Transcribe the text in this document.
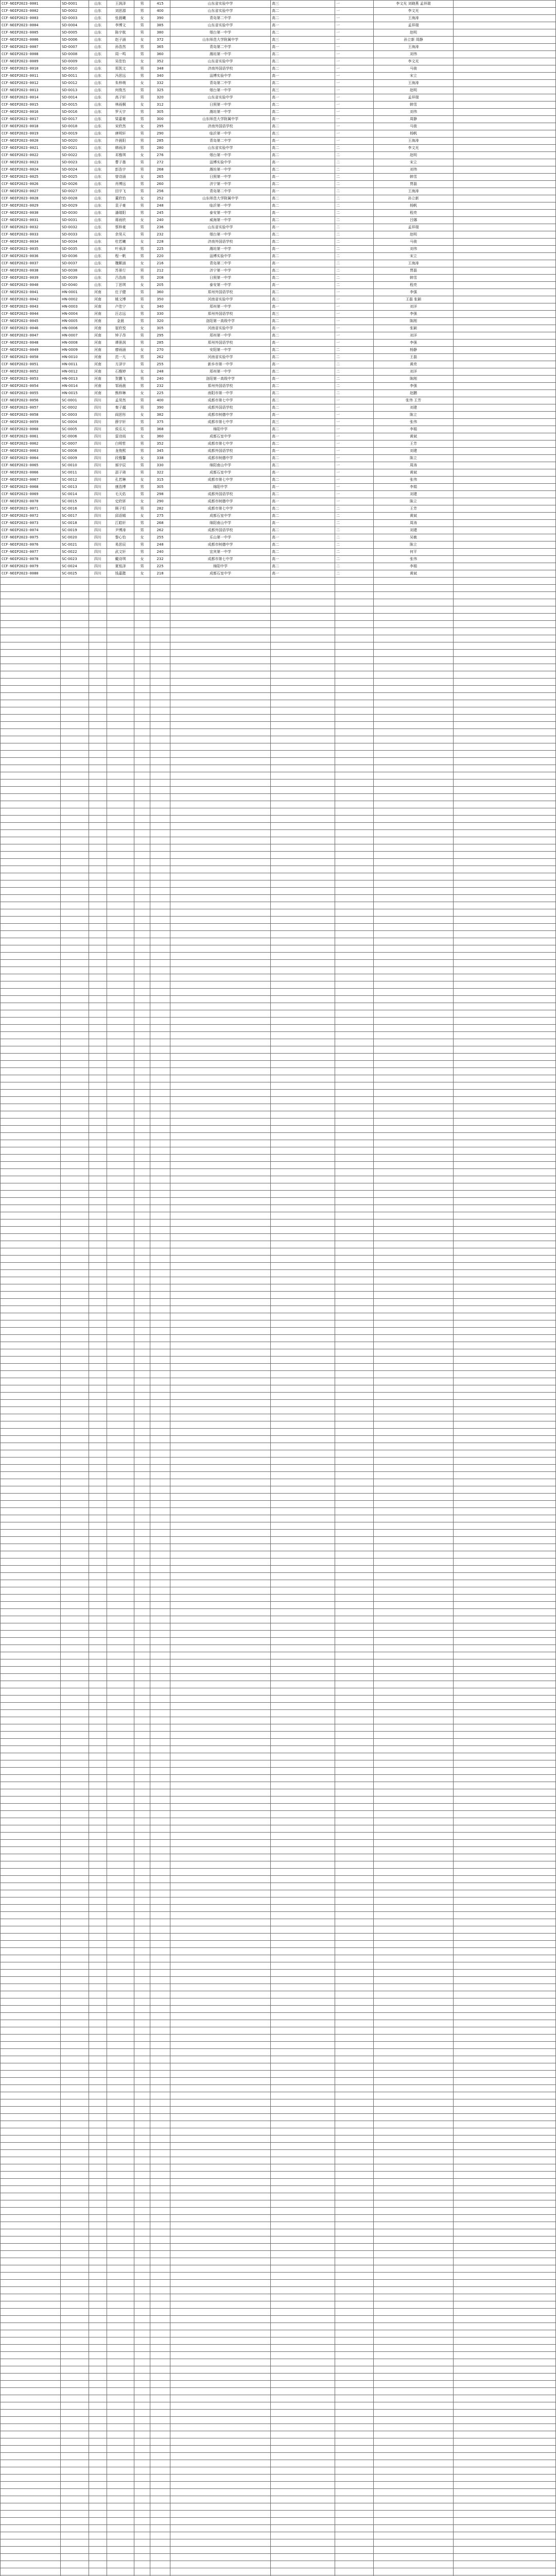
CCF-NOIP2023-0001	SD-0001	山东	王润泽	男	415	山东省实验中学	高三	一	李文光 刘晓燕 孟祥瑞	
CCF-NOIP2023-0002	SD-0002	山东	刘思源	男	400	山东省实验中学	高二	一	李文光	
CCF-NOIP2023-0003	SD-0003	山东	张晨曦	女	390	青岛第二中学	高二	一	王海涛	
CCF-NOIP2023-0004	SD-0004	山东	李博文	男	385	山东省实验中学	高一	一	孟祥瑞	
CCF-NOIP2023-0005	SD-0005	山东	陈宇航	男	380	烟台第一中学	高二	一	赵明	
CCF-NOIP2023-0006	SD-0006	山东	赵子涵	女	372	山东师范大学附属中学	高三	一	孙立新 周静	
CCF-NOIP2023-0007	SD-0007	山东	孙浩然	男	365	青岛第二中学	高一	一	王海涛	
CCF-NOIP2023-0008	SD-0008	山东	周一鸣	男	360	潍坊第一中学	高二	一	刘伟	
CCF-NOIP2023-0009	SD-0009	山东	吴佳怡	女	352	山东省实验中学	高二	一	李文光	
CCF-NOIP2023-0010	SD-0010	山东	郑凯文	男	348	济南外国语学校	高二	一	马骏	
CCF-NOIP2023-0011	SD-0011	山东	冯思远	男	340	淄博实验中学	高一	一	宋立	
CCF-NOIP2023-0012	SD-0012	山东	朱梓萌	女	332	青岛第二中学	高二	一	王海涛	
CCF-NOIP2023-0013	SD-0013	山东	何俊杰	男	325	烟台第一中学	高三	一	赵明	
CCF-NOIP2023-0014	SD-0014	山东	高子轩	男	320	山东省实验中学	高一	一	孟祥瑞	
CCF-NOIP2023-0015	SD-0015	山东	林雨桐	女	312	日照第一中学	高二	一	韩雪	
CCF-NOIP2023-0016	SD-0016	山东	罗天宇	男	305	潍坊第一中学	高二	一	刘伟	
CCF-NOIP2023-0017	SD-0017	山东	梁嘉豪	男	300	山东师范大学附属中学	高一	一	周静	
CCF-NOIP2023-0018	SD-0018	山东	宋欣然	女	295	济南外国语学校	高二	一	马骏	
CCF-NOIP2023-0019	SD-0019	山东	唐明轩	男	290	临沂第一中学	高三	一	杨帆	
CCF-NOIP2023-0020	SD-0020	山东	许晨阳	男	285	青岛第二中学	高一	一	王海涛	
CCF-NOIP2023-0021	SD-0021	山东	韩雨泽	男	280	山东省实验中学	高二	二	李文光	
CCF-NOIP2023-0022	SD-0022	山东	邓雅琪	女	276	烟台第一中学	高二	二	赵明	
CCF-NOIP2023-0023	SD-0023	山东	曹子墨	男	272	淄博实验中学	高一	二	宋立	
CCF-NOIP2023-0024	SD-0024	山东	彭浩宇	男	268	潍坊第一中学	高二	二	刘伟	
CCF-NOIP2023-0025	SD-0025	山东	曾诗涵	女	265	日照第一中学	高一	二	韩雪	
CCF-NOIP2023-0026	SD-0026	山东	肖博远	男	260	济宁第一中学	高二	二	贾磊	
CCF-NOIP2023-0027	SD-0027	山东	田宇飞	男	256	青岛第二中学	高一	二	王海涛	
CCF-NOIP2023-0028	SD-0028	山东	董欣怡	女	252	山东师范大学附属中学	高二	二	孙立新	
CCF-NOIP2023-0029	SD-0029	山东	袁子豪	男	248	临沂第一中学	高二	二	杨帆	
CCF-NOIP2023-0030	SD-0030	山东	潘瑞阳	男	245	泰安第一中学	高一	二	程亮	
CCF-NOIP2023-0031	SD-0031	山东	蒋雨欣	女	240	威海第一中学	高二	二	吕娜	
CCF-NOIP2023-0032	SD-0032	山东	蔡梓豪	男	236	山东省实验中学	高一	二	孟祥瑞	
CCF-NOIP2023-0033	SD-0033	山东	余昊天	男	232	烟台第一中学	高二	二	赵明	
CCF-NOIP2023-0034	SD-0034	山东	杜若曦	女	228	济南外国语学校	高二	二	马骏	
CCF-NOIP2023-0035	SD-0035	山东	叶承泽	男	225	潍坊第一中学	高一	二	刘伟	
CCF-NOIP2023-0036	SD-0036	山东	程一帆	男	220	淄博实验中学	高二	二	宋立	
CCF-NOIP2023-0037	SD-0037	山东	魏紫涵	女	216	青岛第二中学	高一	二	王海涛	
CCF-NOIP2023-0038	SD-0038	山东	苏景行	男	212	济宁第一中学	高二	二	贾磊	
CCF-NOIP2023-0039	SD-0039	山东	吕浩南	男	208	日照第一中学	高二	二	韩雪	
CCF-NOIP2023-0040	SD-0040	山东	丁思琪	女	205	泰安第一中学	高一	二	程亮	
CCF-NOIP2023-0041	HN-0001	河南	任子健	男	360	郑州外国语学校	高二	一	李强	
CCF-NOIP2023-0042	HN-0002	河南	姚文博	男	350	河南省实验中学	高二	一	王磊 张颖	
CCF-NOIP2023-0043	HN-0003	河南	卢佳宁	女	340	郑州第一中学	高一	一	刘洋	
CCF-NOIP2023-0044	HN-0004	河南	汪志远	男	330	郑州外国语学校	高三	一	李强	
CCF-NOIP2023-0045	HN-0005	河南	金晨	男	320	洛阳第一高级中学	高二	一	陈刚	
CCF-NOIP2023-0046	HN-0006	河南	崔欣悦	女	305	河南省实验中学	高一	一	张颖	
CCF-NOIP2023-0047	HN-0007	河南	钟子昂	男	295	郑州第一中学	高二	一	刘洋	
CCF-NOIP2023-0048	HN-0008	河南	谭景润	男	285	郑州外国语学校	高一	一	李强	
CCF-NOIP2023-0049	HN-0009	河南	廖雨涵	女	270	安阳第一中学	高二	二	杨静	
CCF-NOIP2023-0050	HN-0010	河南	范一凡	男	262	河南省实验中学	高二	二	王磊	
CCF-NOIP2023-0051	HN-0011	河南	方泽宇	男	255	新乡市第一中学	高一	二	黄亮	
CCF-NOIP2023-0052	HN-0012	河南	石雅婷	女	248	郑州第一中学	高二	二	刘洋	
CCF-NOIP2023-0053	HN-0013	河南	贺鹏飞	男	240	洛阳第一高级中学	高一	二	陈刚	
CCF-NOIP2023-0054	HN-0014	河南	邹雨晨	男	232	郑州外国语学校	高二	二	李强	
CCF-NOIP2023-0055	HN-0015	河南	熊梓琳	女	225	南阳市第一中学	高二	二	赵鹏	
CCF-NOIP2023-0056	SC-0001	四川	孟昊然	男	400	成都市第七中学	高二	一	张伟 王芳	
CCF-NOIP2023-0057	SC-0002	四川	秦子越	男	390	成都外国语学校	高二	一	刘建	
CCF-NOIP2023-0058	SC-0003	四川	阎思彤	女	382	成都市树德中学	高一	一	陈立	
CCF-NOIP2023-0059	SC-0004	四川	薛宇轩	男	375	成都市第七中学	高三	一	张伟	
CCF-NOIP2023-0060	SC-0005	四川	侯乐天	男	368	绵阳中学	高二	一	李娟	
CCF-NOIP2023-0061	SC-0006	四川	雷诗雨	女	360	成都石室中学	高一	一	黄斌	
CCF-NOIP2023-0062	SC-0007	四川	白明哲	男	352	成都市第七中学	高二	一	王芳	
CCF-NOIP2023-0063	SC-0008	四川	龙俊熙	男	345	成都外国语学校	高一	一	刘建	
CCF-NOIP2023-0064	SC-0009	四川	段雅馨	女	338	成都市树德中学	高二	一	陈立	
CCF-NOIP2023-0065	SC-0010	四川	郝宇辰	男	330	绵阳南山中学	高二	一	周涛	
CCF-NOIP2023-0066	SC-0011	四川	邵子琦	男	322	成都石室中学	高一	一	黄斌	
CCF-NOIP2023-0067	SC-0012	四川	孔若琳	女	315	成都市第七中学	高二	一	张伟	
CCF-NOIP2023-0068	SC-0013	四川	康浩博	男	305	绵阳中学	高一	一	李娟	
CCF-NOIP2023-0069	SC-0014	四川	毛天佑	男	298	成都外国语学校	高二	一	刘建	
CCF-NOIP2023-0070	SC-0015	四川	史欣妍	女	290	成都市树德中学	高一	一	陈立	
CCF-NOIP2023-0071	SC-0016	四川	顾子恒	男	282	成都市第七中学	高二	二	王芳	
CCF-NOIP2023-0072	SC-0017	四川	邱语嫣	女	275	成都石室中学	高二	二	黄斌	
CCF-NOIP2023-0073	SC-0018	四川	江皓轩	男	268	绵阳南山中学	高一	二	周涛	
CCF-NOIP2023-0074	SC-0019	四川	尹博涛	男	262	成都外国语学校	高二	二	刘建	
CCF-NOIP2023-0075	SC-0020	四川	黎心怡	女	255	乐山第一中学	高一	二	吴敏	
CCF-NOIP2023-0076	SC-0021	四川	易思辰	男	248	成都市树德中学	高二	二	陈立	
CCF-NOIP2023-0077	SC-0022	四川	武文轩	男	240	宜宾第一中学	高二	二	何平	
CCF-NOIP2023-0078	SC-0023	四川	戴诗琪	女	232	成都市第七中学	高一	二	张伟	
CCF-NOIP2023-0079	SC-0024	四川	夏铭泽	男	225	绵阳中学	高二	二	李娟	
CCF-NOIP2023-0080	SC-0025	四川	钱嘉懿	女	218	成都石室中学	高一	二	黄斌	
